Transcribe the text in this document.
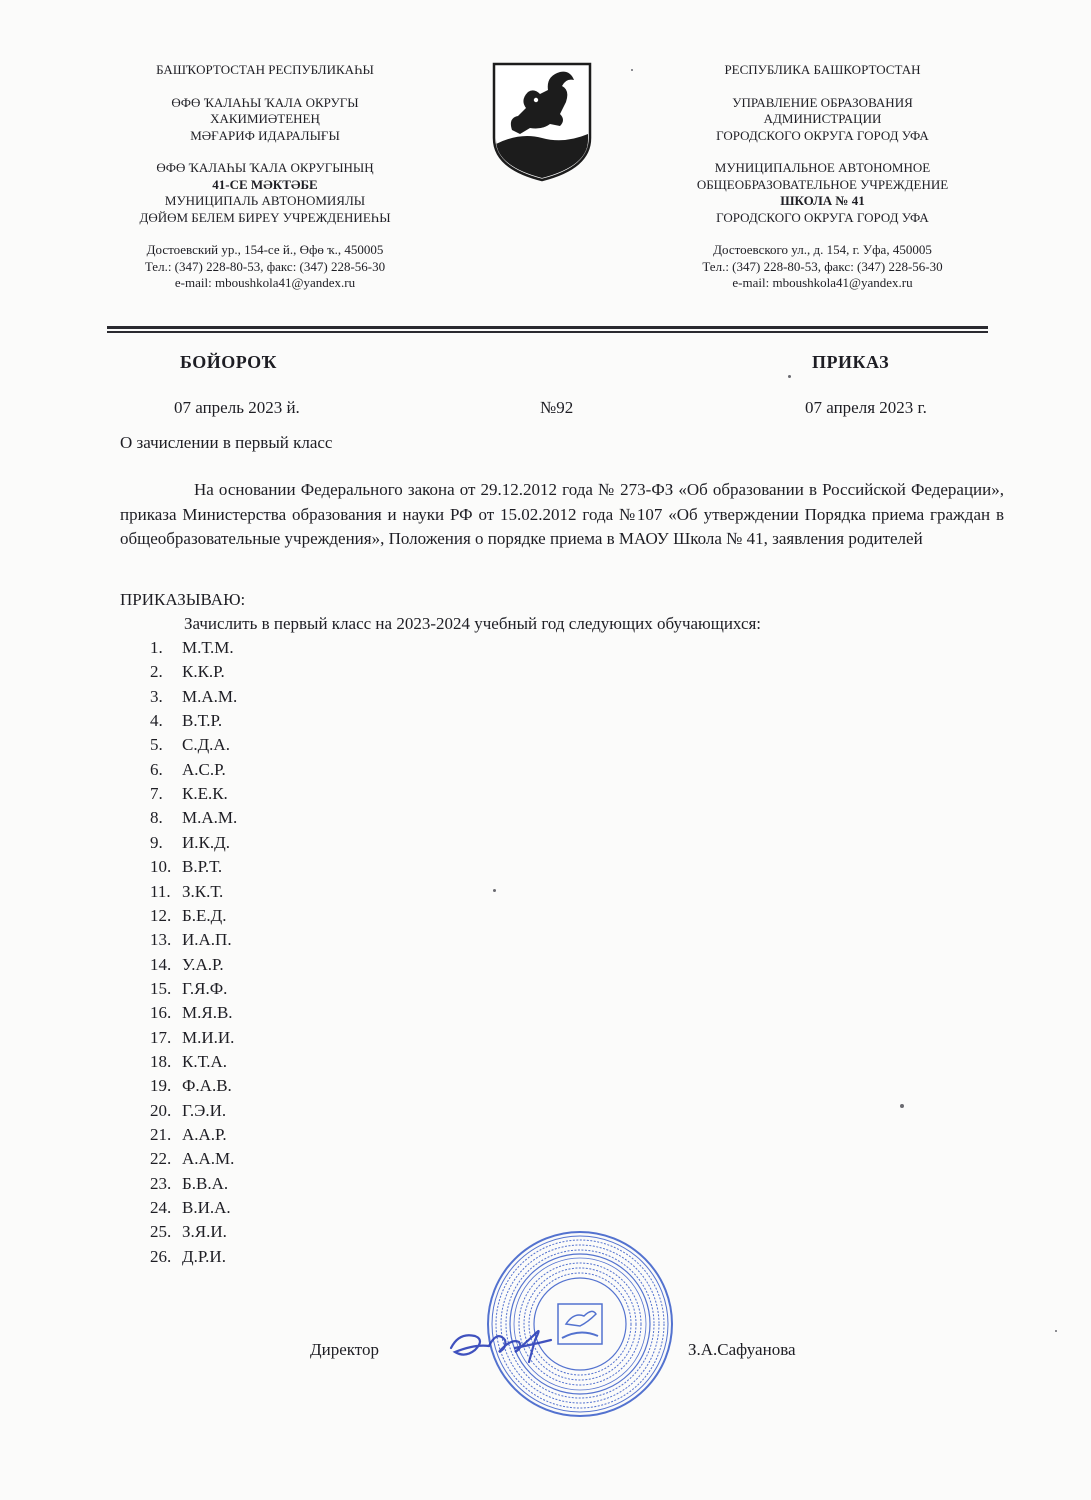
БАШҠОРТОСТАН РЕСПУБЛИКАҺЫ
ӨФӨ ҠАЛАҺЫ ҠАЛА ОКРУГЫ
ХАКИМИӘТЕНЕҢ
МӘҒАРИФ ИДАРАЛЫҒЫ
ӨФӨ ҠАЛАҺЫ ҠАЛА ОКРУГЫНЫҢ
41-СЕ МӘКТӘБЕ
МУНИЦИПАЛЬ АВТОНОМИЯЛЫ
ДӨЙӨМ БЕЛЕМ БИРЕҮ УЧРЕЖДЕНИЕҺЫ
Достоевский ур., 154-се й., Өфө ҡ., 450005
Тел.: (347) 228-80-53, факс: (347) 228-56-30
e-mail: mboushkola41@yandex.ru
РЕСПУБЛИКА БАШКОРТОСТАН
УПРАВЛЕНИЕ ОБРАЗОВАНИЯ
АДМИНИСТРАЦИИ
ГОРОДСКОГО ОКРУГА ГОРОД УФА
МУНИЦИПАЛЬНОЕ АВТОНОМНОЕ
ОБЩЕОБРАЗОВАТЕЛЬНОЕ УЧРЕЖДЕНИЕ
ШКОЛА № 41
ГОРОДСКОГО ОКРУГА ГОРОД УФА
Достоевского ул., д. 154, г. Уфа, 450005
Тел.: (347) 228-80-53, факс: (347) 228-56-30
e-mail: mboushkola41@yandex.ru
БОЙОРОҠ	ПРИКАЗ
07 апрель 2023 й.	№92	07 апреля 2023 г.
О зачислении в первый класс
На основании Федерального закона от 29.12.2012 года № 273-ФЗ «Об образовании в Российской Федерации», приказа Министерства образования и науки РФ от 15.02.2012 года №107 «Об утверждении Порядка приема граждан в общеобразовательные учреждения», Положения о порядке приема в МАОУ Школа № 41, заявления родителей
ПРИКАЗЫВАЮ:
Зачислить в первый класс на 2023-2024 учебный год следующих обучающихся:
1. М.Т.М.
2. К.К.Р.
3. М.А.М.
4. В.Т.Р.
5. С.Д.А.
6. А.С.Р.
7. К.Е.К.
8. М.А.М.
9. И.К.Д.
10. В.Р.Т.
11. З.К.Т.
12. Б.Е.Д.
13. И.А.П.
14. У.А.Р.
15. Г.Я.Ф.
16. М.Я.В.
17. М.И.И.
18. К.Т.А.
19. Ф.А.В.
20. Г.Э.И.
21. А.А.Р.
22. А.А.М.
23. Б.В.А.
24. В.И.А.
25. З.Я.И.
26. Д.Р.И.
Директор	З.А.Сафуанова
